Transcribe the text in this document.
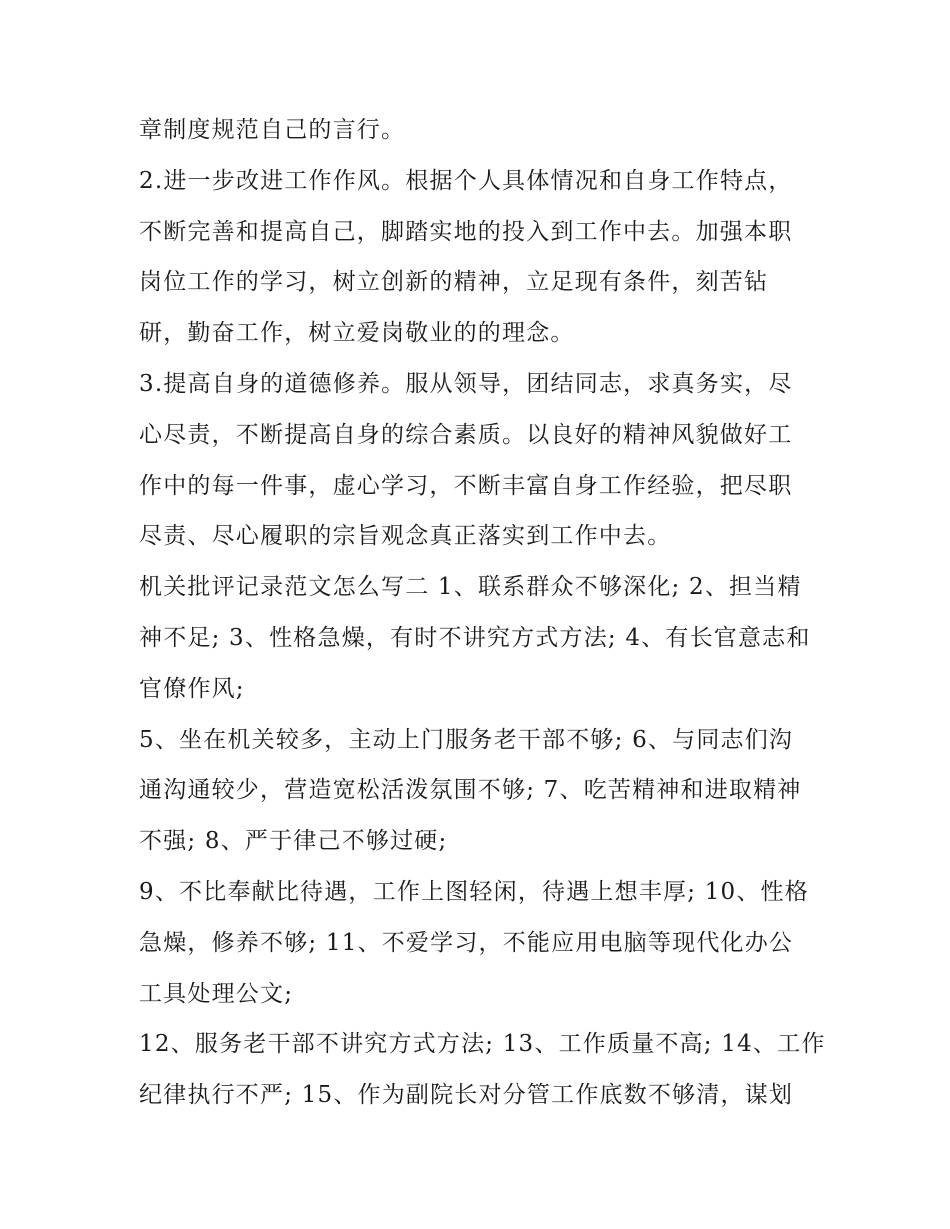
章制度规范自己的言行。
2.进一步改进工作作风。根据个人具体情况和自身工作特点，
不断完善和提高自己，脚踏实地的投入到工作中去。加强本职
岗位工作的学习，树立创新的精神，立足现有条件，刻苦钻
研，勤奋工作，树立爱岗敬业的的理念。
3.提高自身的道德修养。服从领导，团结同志，求真务实，尽
心尽责，不断提高自身的综合素质。以良好的精神风貌做好工
作中的每一件事，虚心学习，不断丰富自身工作经验，把尽职
尽责、尽心履职的宗旨观念真正落实到工作中去。
机关批评记录范文怎么写二 1、联系群众不够深化; 2、担当精
神不足; 3、性格急燥，有时不讲究方式方法; 4、有长官意志和
官僚作风;
5、坐在机关较多，主动上门服务老干部不够; 6、与同志们沟
通沟通较少，营造宽松活泼氛围不够; 7、吃苦精神和进取精神
不强; 8、严于律己不够过硬;
9、不比奉献比待遇，工作上图轻闲，待遇上想丰厚; 10、性格
急燥，修养不够; 11、不爱学习，不能应用电脑等现代化办公
工具处理公文;
12、服务老干部不讲究方式方法; 13、工作质量不高; 14、工作
纪律执行不严; 15、作为副院长对分管工作底数不够清，谋划
